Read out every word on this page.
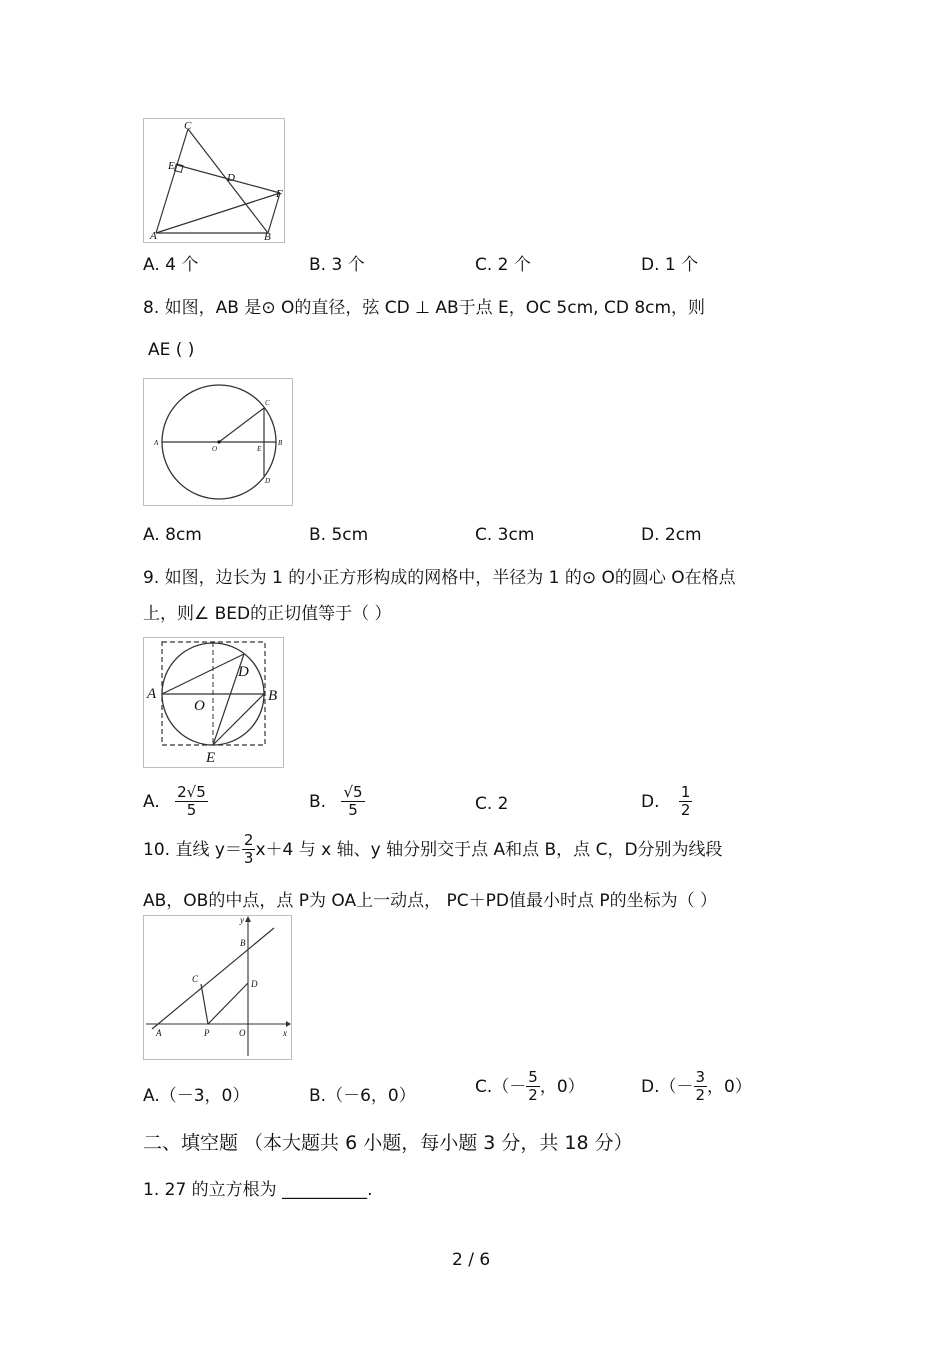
C
E
D
F
A	B
A. 4 个	B. 3 个	C. 2 个	D. 1 个
8. 如图，AB 是⊙ O的直径，弦 CD ⊥ AB于点 E，OC 5cm, CD 8cm，则
AE ( )
A
O	E
B
C
D
A. 8cm	B. 5cm	C. 3cm	D. 2cm
9. 如图，边长为 1 的小正方形构成的网格中，半径为 1 的⊙ O的圆心 O在格点
上，则∠ BED的正切值等于（ ）
A	B
O
D
E
A. $\frac{2√5}{5}$	B. $\frac{√5}{5}$	C. 2	D. $\frac{1}{2}$
10. 直线 $y= \frac{2}{3} x+4$ 与 x 轴、y 轴分别交于点 A和点 B，点 C，D分别为线段
AB，OB的中点，点 P为 OA上一动点， PC＋PD值最小时点 P的坐标为（ ）
y
x
B
C	D
A	P	O
A.（－3，0）	B.（－6，0）	$C.(- \frac{5}{2}$ ，0）	$D.(- \frac{3}{2}$ ，0）
二、填空题 （本大题共 6 小题，每小题 3 分，共 18 分）
1. 27 的立方根为 __________.
2 / 6
